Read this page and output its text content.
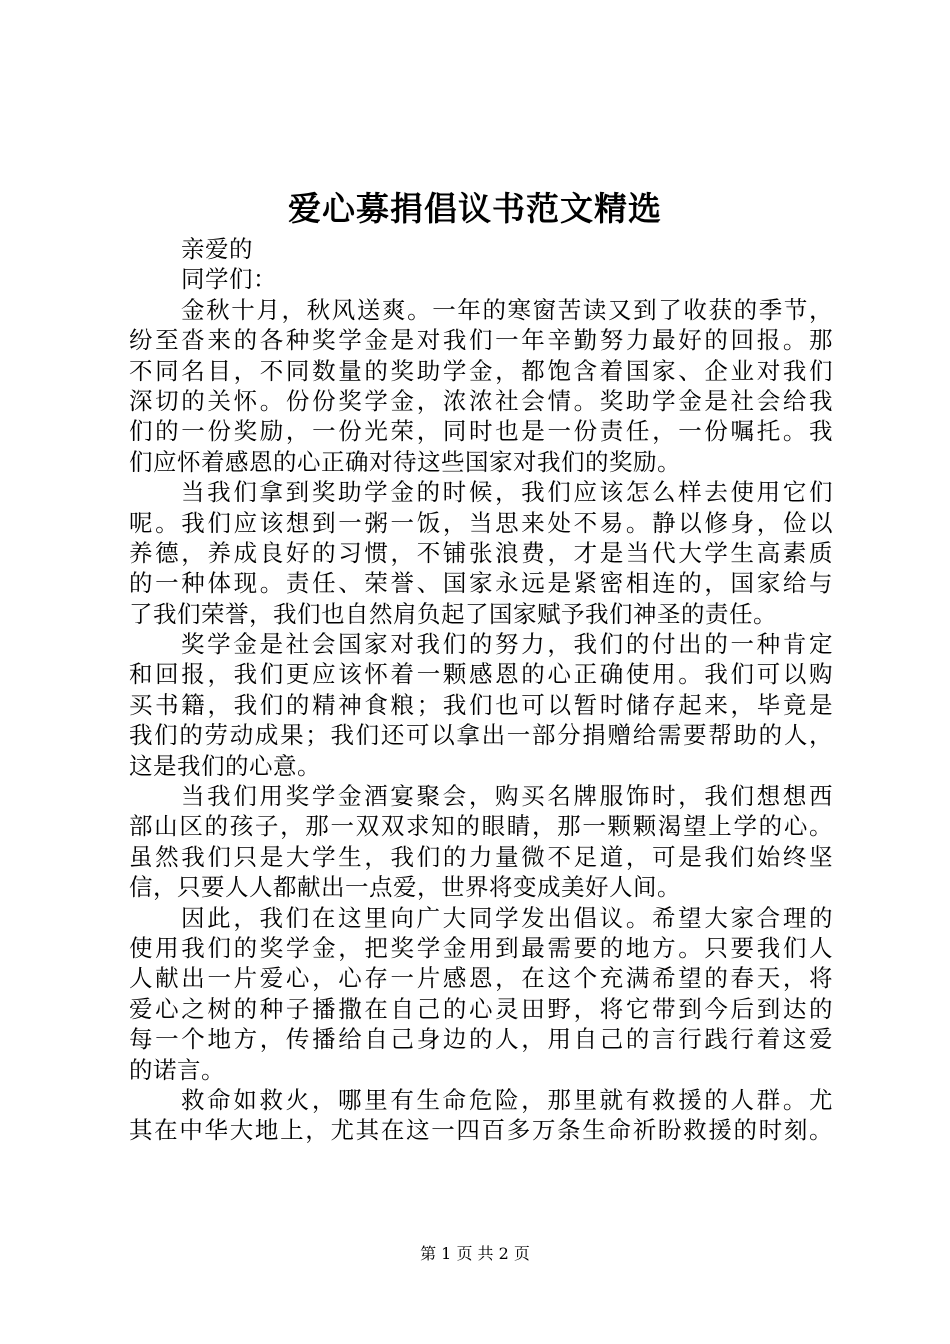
爱心募捐倡议书范文精选
亲爱的
同学们：
金秋十月，秋风送爽。一年的寒窗苦读又到了收获的季节，
纷至沓来的各种奖学金是对我们一年辛勤努力最好的回报。那
不同名目，不同数量的奖助学金，都饱含着国家、企业对我们
深切的关怀。份份奖学金，浓浓社会情。奖助学金是社会给我
们的一份奖励，一份光荣，同时也是一份责任，一份嘱托。我
们应怀着感恩的心正确对待这些国家对我们的奖励。
当我们拿到奖助学金的时候，我们应该怎么样去使用它们
呢。我们应该想到一粥一饭，当思来处不易。静以修身，俭以
养德，养成良好的习惯，不铺张浪费，才是当代大学生高素质
的一种体现。责任、荣誉、国家永远是紧密相连的，国家给与
了我们荣誉，我们也自然肩负起了国家赋予我们神圣的责任。
奖学金是社会国家对我们的努力，我们的付出的一种肯定
和回报，我们更应该怀着一颗感恩的心正确使用。我们可以购
买书籍，我们的精神食粮；我们也可以暂时储存起来，毕竟是
我们的劳动成果；我们还可以拿出一部分捐赠给需要帮助的人，
这是我们的心意。
当我们用奖学金酒宴聚会，购买名牌服饰时，我们想想西
部山区的孩子，那一双双求知的眼睛，那一颗颗渴望上学的心。
虽然我们只是大学生，我们的力量微不足道，可是我们始终坚
信，只要人人都献出一点爱，世界将变成美好人间。
因此，我们在这里向广大同学发出倡议。希望大家合理的
使用我们的奖学金，把奖学金用到最需要的地方。只要我们人
人献出一片爱心，心存一片感恩，在这个充满希望的春天，将
爱心之树的种子播撒在自己的心灵田野，将它带到今后到达的
每一个地方，传播给自己身边的人，用自己的言行践行着这爱
的诺言。
救命如救火，哪里有生命危险，那里就有救援的人群。尤
其在中华大地上，尤其在这一四百多万条生命祈盼救援的时刻。
第 1 页 共 2 页
